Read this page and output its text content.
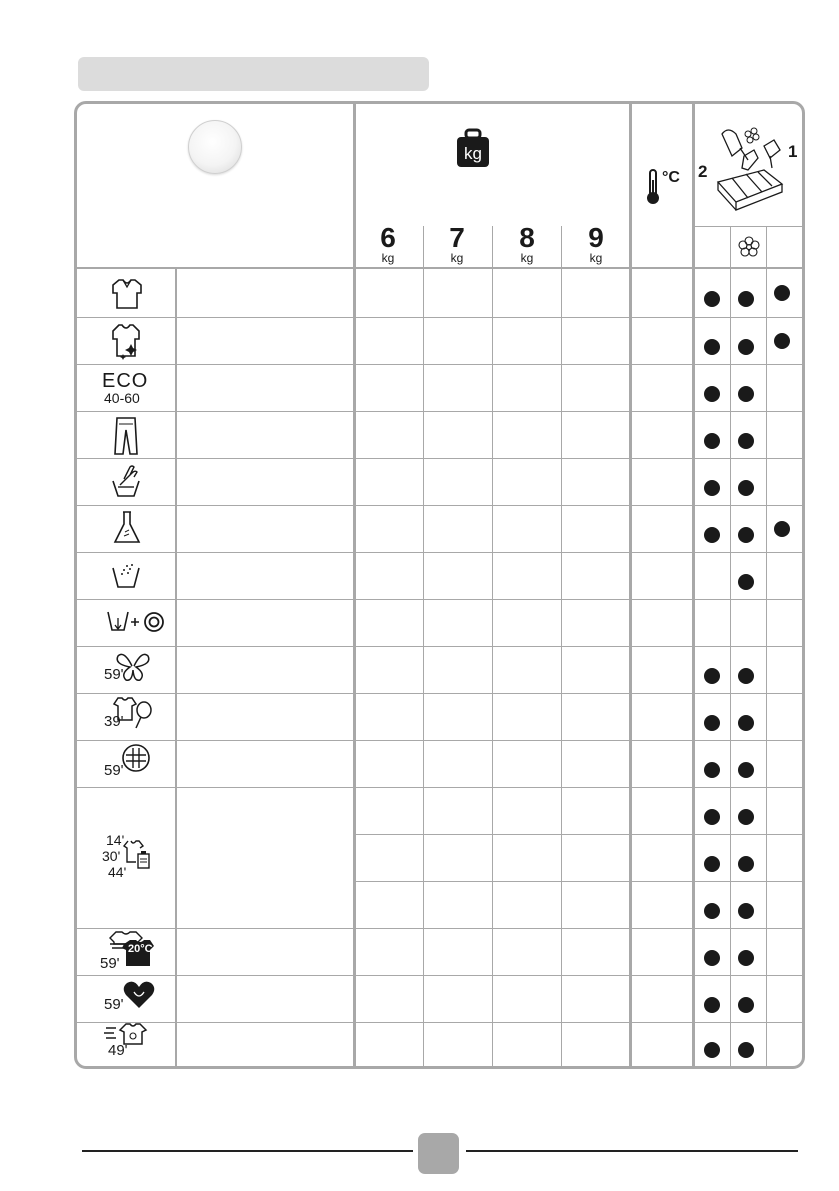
kg
°C
1
2
6
kg
7
kg
8
kg
9
kg
ECO
40-60
59'
39'
59'
14'
30'
44'
20°C
59'
59'
49'
